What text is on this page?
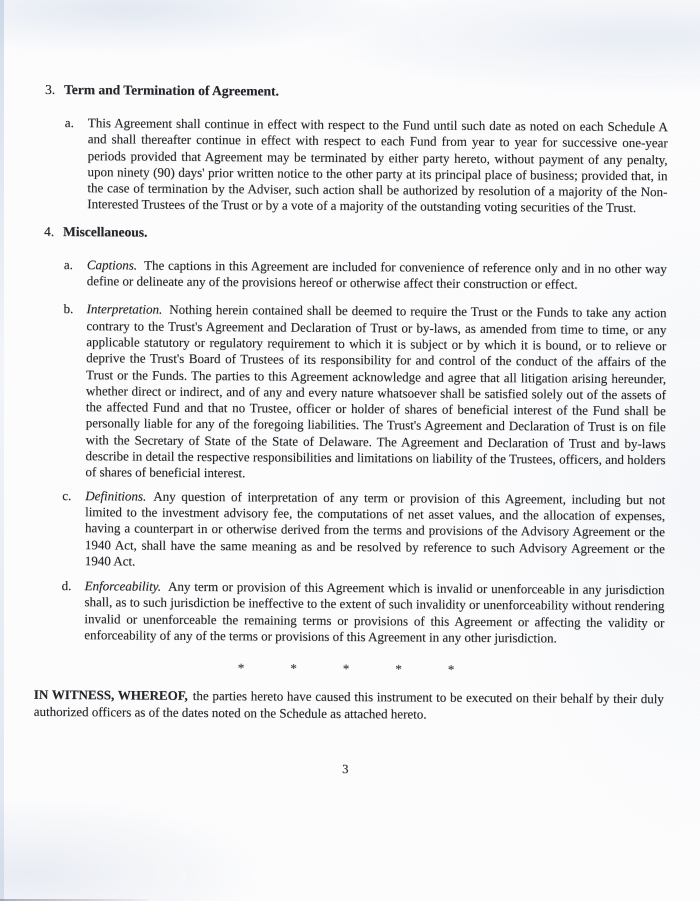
3. Term and Termination of Agreement.
a.	This Agreement shall continue in effect with respect to the Fund until such date as noted on each Schedule A and shall thereafter continue in effect with respect to each Fund from year to year for successive one-year periods provided that Agreement may be terminated by either party hereto, without payment of any penalty, upon ninety (90) days' prior written notice to the other party at its principal place of business; provided that, in the case of termination by the Adviser, such action shall be authorized by resolution of a majority of the Non-Interested Trustees of the Trust or by a vote of a majority of the outstanding voting securities of the Trust.
4. Miscellaneous.
a.	Captions. The captions in this Agreement are included for convenience of reference only and in no other way define or delineate any of the provisions hereof or otherwise affect their construction or effect.
b.	Interpretation. Nothing herein contained shall be deemed to require the Trust or the Funds to take any action contrary to the Trust's Agreement and Declaration of Trust or by-laws, as amended from time to time, or any applicable statutory or regulatory requirement to which it is subject or by which it is bound, or to relieve or deprive the Trust's Board of Trustees of its responsibility for and control of the conduct of the affairs of the Trust or the Funds. The parties to this Agreement acknowledge and agree that all litigation arising hereunder, whether direct or indirect, and of any and every nature whatsoever shall be satisfied solely out of the assets of the affected Fund and that no Trustee, officer or holder of shares of beneficial interest of the Fund shall be personally liable for any of the foregoing liabilities. The Trust's Agreement and Declaration of Trust is on file with the Secretary of State of the State of Delaware. The Agreement and Declaration of Trust and by-laws describe in detail the respective responsibilities and limitations on liability of the Trustees, officers, and holders of shares of beneficial interest.
c.	Definitions. Any question of interpretation of any term or provision of this Agreement, including but not limited to the investment advisory fee, the computations of net asset values, and the allocation of expenses, having a counterpart in or otherwise derived from the terms and provisions of the Advisory Agreement or the 1940 Act, shall have the same meaning as and be resolved by reference to such Advisory Agreement or the 1940 Act.
d.	Enforceability. Any term or provision of this Agreement which is invalid or unenforceable in any jurisdiction shall, as to such jurisdiction be ineffective to the extent of such invalidity or unenforceability without rendering invalid or unenforceable the remaining terms or provisions of this Agreement or affecting the validity or enforceability of any of the terms or provisions of this Agreement in any other jurisdiction.
*	*	*	*	*
IN WITNESS, WHEREOF, the parties hereto have caused this instrument to be executed on their behalf by their duly authorized officers as of the dates noted on the Schedule as attached hereto.
3
